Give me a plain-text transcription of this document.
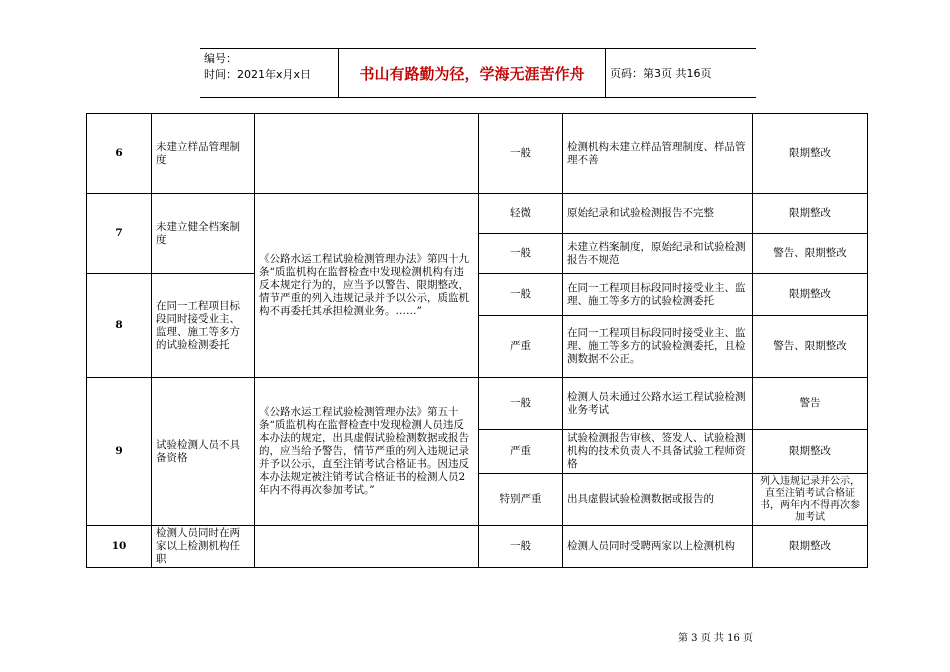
编号：
时间：2021年x月x日	书山有路勤为径，学海无涯苦作舟	页码：第3页 共16页
6	未建立样品管理制度		一般	检测机构未建立样品管理制度、样品管理不善	限期整改
7	未建立健全档案制度	《公路水运工程试验检测管理办法》第四十九条“质监机构在监督检查中发现检测机构有违反本规定行为的，应当予以警告、限期整改，情节严重的列入违规记录并予以公示，质监机构不再委托其承担检测业务。……”	轻微	原始纪录和试验检测报告不完整	限期整改
			一般	未建立档案制度，原始纪录和试验检测报告不规范	警告、限期整改
8	在同一工程项目标段同时接受业主、监理、施工等多方的试验检测委托		一般	在同一工程项目标段同时接受业主、监理、施工等多方的试验检测委托	限期整改
			严重	在同一工程项目标段同时接受业主、监理、施工等多方的试验检测委托，且检测数据不公正。	警告、限期整改
9	试验检测人员不具备资格	《公路水运工程试验检测管理办法》第五十条“质监机构在监督检查中发现检测人员违反本办法的规定，出具虚假试验检测数据或报告的，应当给予警告，情节严重的列入违规记录并予以公示，直至注销考试合格证书。因违反本办法规定被注销考试合格证书的检测人员2年内不得再次参加考试。”	一般	检测人员未通过公路水运工程试验检测业务考试	警告
			严重	试验检测报告审核、签发人、试验检测机构的技术负责人不具备试验工程师资格	限期整改
			特别严重	出具虚假试验检测数据或报告的	列入违规记录并公示，直至注销考试合格证书，两年内不得再次参加考试
10	检测人员同时在两家以上检测机构任职		一般	检测人员同时受聘两家以上检测机构	限期整改
第 3 页 共 16 页
